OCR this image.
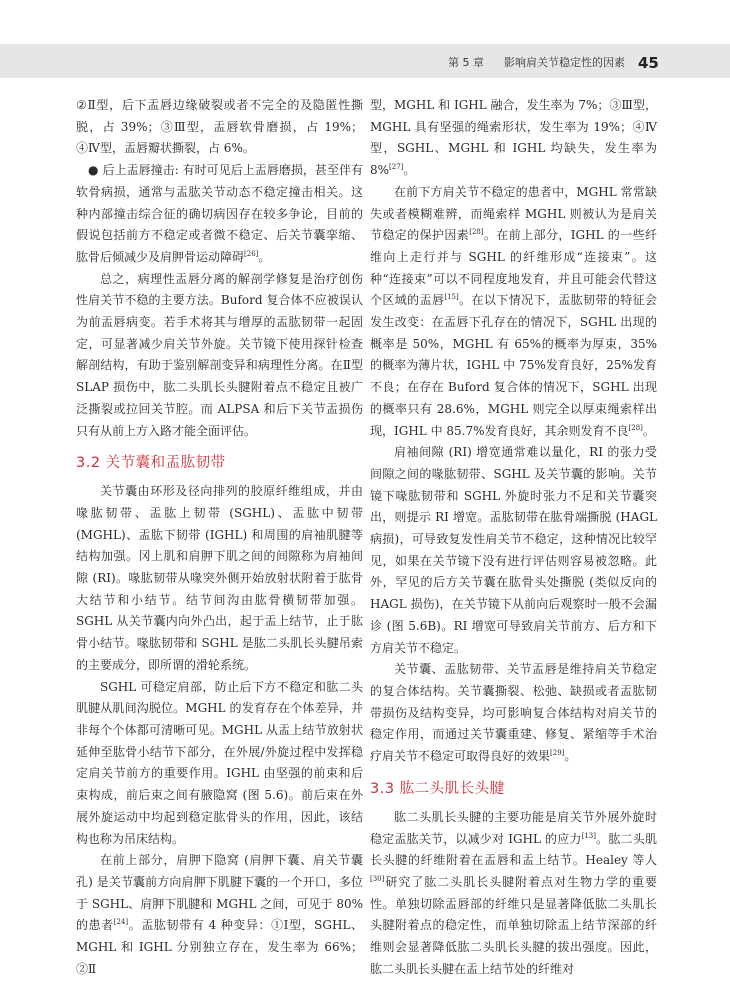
第 5 章 影响肩关节稳定性的因素 45

②Ⅱ型，后下盂唇边缘破裂或者不完全的及隐匿性撕脱，占 39%；③Ⅲ型，盂唇软骨磨损，占 19%；④Ⅳ型，盂唇瓣状撕裂，占 6%。

● 后上盂唇撞击: 有时可见后上盂唇磨损，甚至伴有软骨病损，通常与盂肱关节动态不稳定撞击相关。这种内部撞击综合征的确切病因存在较多争论，目前的假说包括前方不稳定或者微不稳定、后关节囊挛缩、肱骨后倾减少及肩胛骨运动障碍[26]。

总之，病理性盂唇分离的解剖学修复是治疗创伤性肩关节不稳的主要方法。Buford 复合体不应被误认为前盂唇病变。若手术将其与增厚的盂肱韧带一起固定，可显著减少肩关节外旋。关节镜下使用探针检查解剖结构，有助于鉴别解剖变异和病理性分离。在Ⅱ型 SLAP 损伤中，肱二头肌长头腱附着点不稳定且被广泛撕裂或拉回关节腔。而 ALPSA 和后下关节盂损伤只有从前上方入路才能全面评估。

3.2 关节囊和盂肱韧带

关节囊由环形及径向排列的胶原纤维组成，并由喙肱韧带、盂肱上韧带 (SGHL)、盂肱中韧带 (MGHL)、盂肱下韧带 (IGHL) 和周围的肩袖肌腱等结构加强。冈上肌和肩胛下肌之间的间隙称为肩袖间隙 (RI)。喙肱韧带从喙突外侧开始放射状附着于肱骨大结节和小结节。结节间沟由肱骨横韧带加强。SGHL 从关节囊内向外凸出，起于盂上结节，止于肱骨小结节。喙肱韧带和 SGHL 是肱二头肌长头腱吊索的主要成分，即所谓的滑轮系统。

SGHL 可稳定肩部，防止后下方不稳定和肱二头肌腱从肌间沟脱位。MGHL 的发育存在个体差异，并非每个个体都可清晰可见。MGHL 从盂上结节放射状延伸至肱骨小结节下部分，在外展/外旋过程中发挥稳定肩关节前方的重要作用。IGHL 由坚强的前束和后束构成，前后束之间有腋隐窝 (图 5.6)。前后束在外展外旋运动中均起到稳定肱骨头的作用，因此，该结构也称为吊床结构。

在前上部分，肩胛下隐窝 (肩胛下囊、肩关节囊孔) 是关节囊前方向肩胛下肌腱下囊的一个开口，多位于 SGHL、肩胛下肌腱和 MGHL 之间，可见于 80%的患者[24]。盂肱韧带有 4 种变异：①Ⅰ型，SGHL、MGHL 和 IGHL 分别独立存在，发生率为 66%；②Ⅱ

型，MGHL 和 IGHL 融合，发生率为 7%；③Ⅲ型，MGHL 具有坚强的绳索形状，发生率为 19%；④Ⅳ型，SGHL、MGHL 和 IGHL 均缺失，发生率为 8%[27]。

在前下方肩关节不稳定的患者中，MGHL 常常缺失或者模糊难辨，而绳索样 MGHL 则被认为是肩关节稳定的保护因素[28]。在前上部分，IGHL 的一些纤维向上走行并与 SGHL 的纤维形成“连接束”。这种“连接束”可以不同程度地发育，并且可能会代替这个区域的盂唇[15]。在以下情况下，盂肱韧带的特征会发生改变：在盂唇下孔存在的情况下，SGHL 出现的概率是 50%，MGHL 有 65%的概率为厚束，35%的概率为薄片状，IGHL 中 75%发育良好，25%发育不良；在存在 Buford 复合体的情况下，SGHL 出现的概率只有 28.6%，MGHL 则完全以厚束绳索样出现，IGHL 中 85.7%发育良好，其余则发育不良[28]。

肩袖间隙 (RI) 增宽通常难以量化，RI 的张力受间隙之间的喙肱韧带、SGHL 及关节囊的影响。关节镜下喙肱韧带和 SGHL 外旋时张力不足和关节囊突出，则提示 RI 增宽。盂肱韧带在肱骨端撕脱 (HAGL 病损)，可导致复发性肩关节不稳定，这种情况比较罕见，如果在关节镜下没有进行评估则容易被忽略。此外，罕见的后方关节囊在肱骨头处撕脱 (类似反向的 HAGL 损伤)，在关节镜下从前向后观察时一般不会漏诊 (图 5.6B)。RI 增宽可导致肩关节前方、后方和下方肩关节不稳定。

关节囊、盂肱韧带、关节盂唇是维持肩关节稳定的复合体结构。关节囊撕裂、松弛、缺损或者盂肱韧带损伤及结构变异，均可影响复合体结构对肩关节的稳定作用，而通过关节囊重建、修复、紧缩等手术治疗肩关节不稳定可取得良好的效果[29]。

3.3 肱二头肌长头腱

肱二头肌长头腱的主要功能是肩关节外展外旋时稳定盂肱关节，以减少对 IGHL 的应力[13]。肱二头肌长头腱的纤维附着在盂唇和盂上结节。Healey 等人[30]研究了肱二头肌长头腱附着点对生物力学的重要性。单独切除盂唇部的纤维只是显著降低肱二头肌长头腱附着点的稳定性，而单独切除盂上结节深部的纤维则会显著降低肱二头肌长头腱的拔出强度。因此，肱二头肌长头腱在盂上结节处的纤维对
